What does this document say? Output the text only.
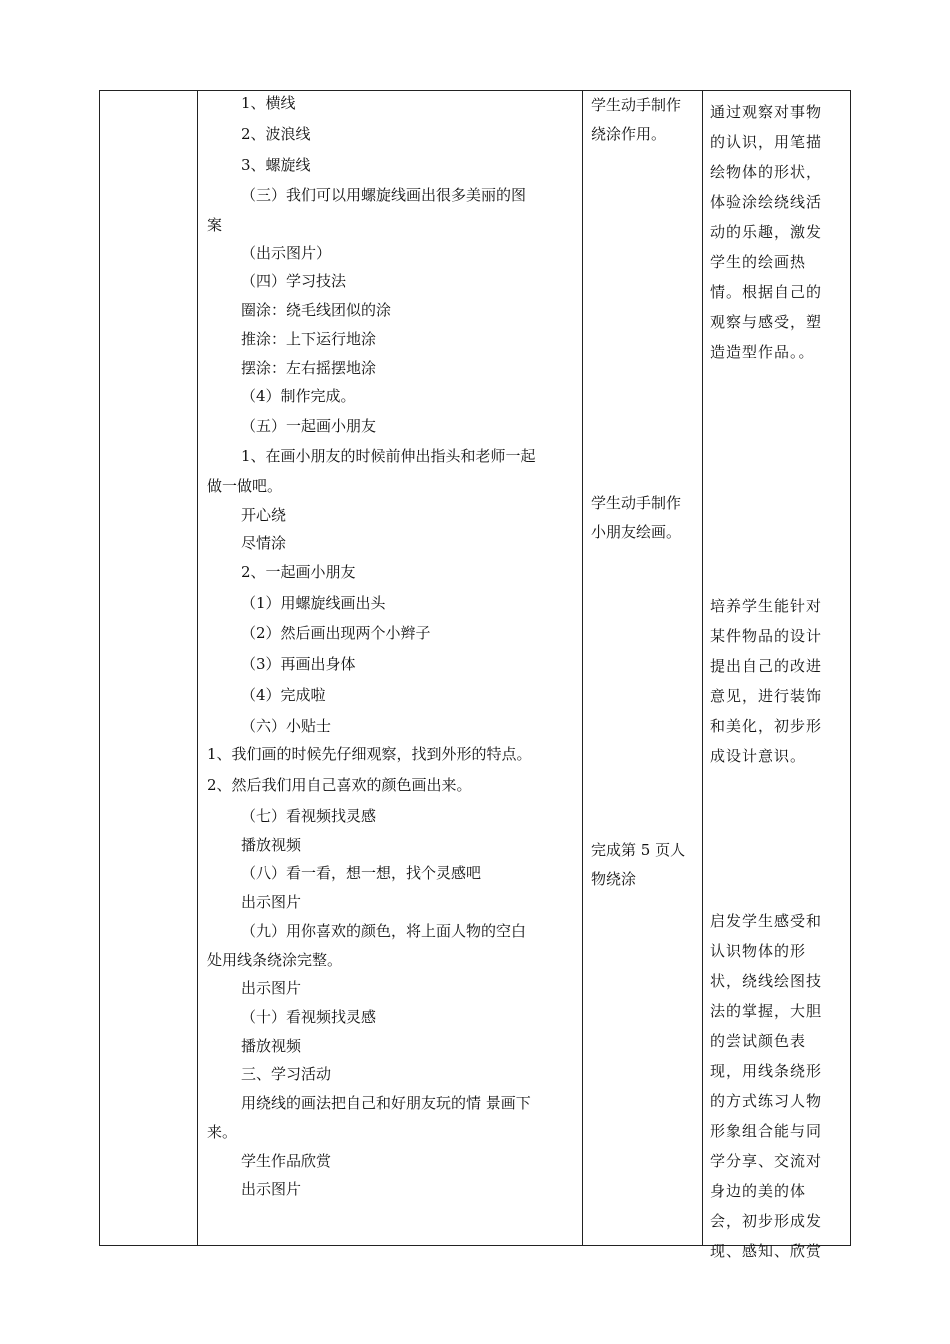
1、横线
2、波浪线
3、螺旋线
（三）我们可以用螺旋线画出很多美丽的图
案
（出示图片）
（四）学习技法
圈涂：绕毛线团似的涂
推涂：上下运行地涂
摆涂：左右摇摆地涂
（4）制作完成。
（五）一起画小朋友
1、在画小朋友的时候前伸出指头和老师一起
做一做吧。
开心绕
尽情涂
2、一起画小朋友
（1）用螺旋线画出头
（2）然后画出现两个小辫子
（3）再画出身体
（4）完成啦
（六）小贴士
1、我们画的时候先仔细观察，找到外形的特点。
2、然后我们用自己喜欢的颜色画出来。
（七）看视频找灵感
播放视频
（八）看一看，想一想，找个灵感吧
出示图片
（九）用你喜欢的颜色，将上面人物的空白
处用线条绕涂完整。
出示图片
（十）看视频找灵感
播放视频
三、学习活动
用绕线的画法把自己和好朋友玩的情 景画下
来。
学生作品欣赏
出示图片
学生动手制作
绕涂作用。
学生动手制作
小朋友绘画。
完成第 5 页人
物绕涂
通过观察对事物
的认识，用笔描
绘物体的形状，
体验涂绘绕线活
动的乐趣，激发
学生的绘画热
情。根据自己的
观察与感受，塑
造造型作品。。
培养学生能针对
某件物品的设计
提出自己的改进
意见，进行装饰
和美化，初步形
成设计意识。
启发学生感受和
认识物体的形
状，绕线绘图技
法的掌握，大胆
的尝试颜色表
现，用线条绕形
的方式练习人物
形象组合能与同
学分享、交流对
身边的美的体
会，初步形成发
现、感知、欣赏
